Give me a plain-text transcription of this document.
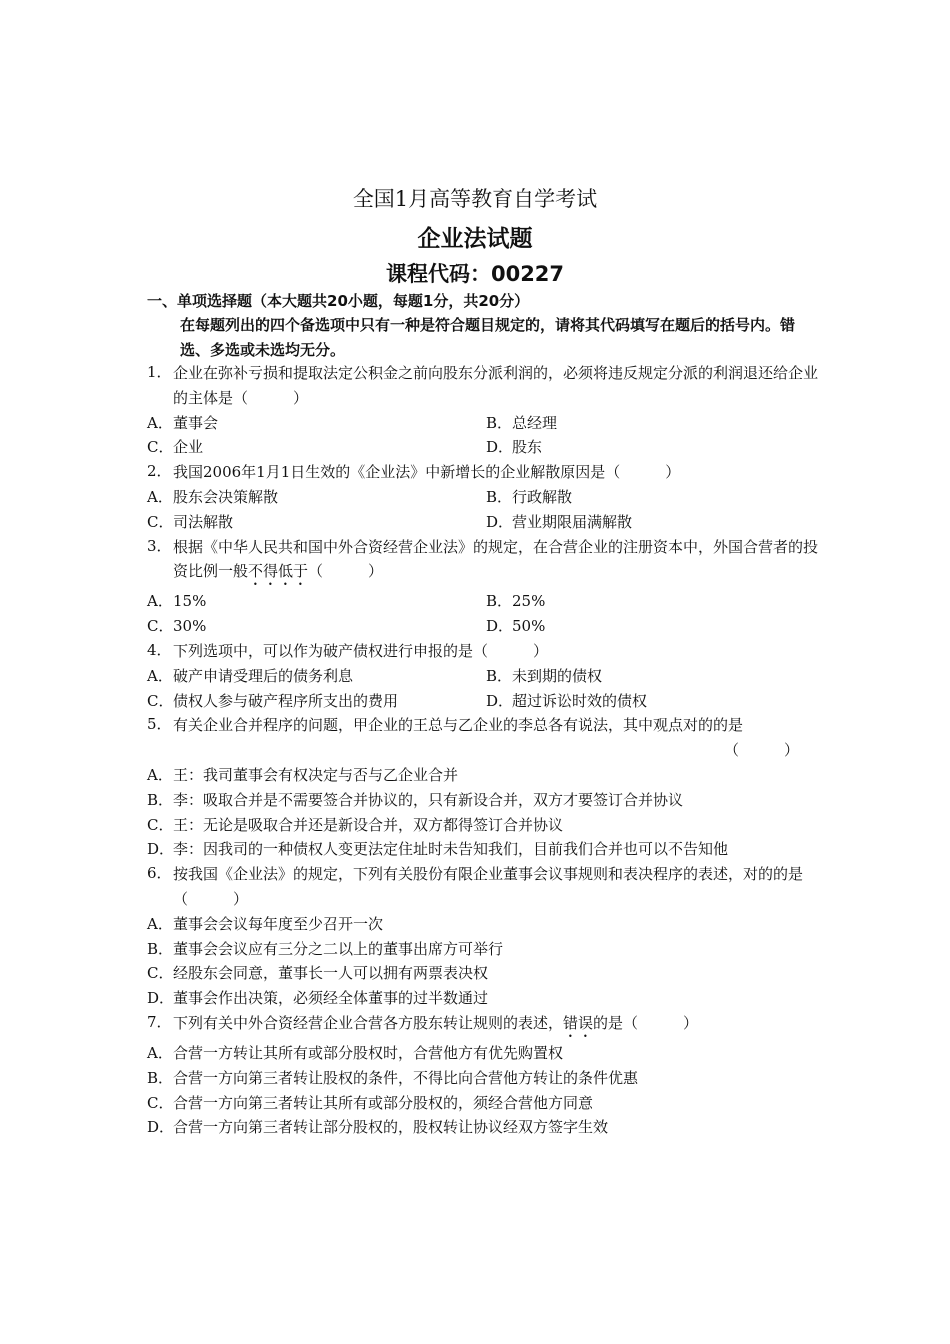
全国1月高等教育自学考试
企业法试题
课程代码：00227
一、单项选择题（本大题共20小题，每题1分，共20分）
在每题列出的四个备选项中只有一种是符合题目规定的，请将其代码填写在题后的括号内。错选、多选或未选均无分。
1． 企业在弥补亏损和提取法定公积金之前向股东分派利润的，必须将违反规定分派的利润退还给企业的主体是（　　　）
A．董事会	B．总经理
C．企业	D．股东
2． 我国2006年1月1日生效的《企业法》中新增长的企业解散原因是（　　　）
A．股东会决策解散	B．行政解散
C．司法解散	D．营业期限届满解散
3． 根据《中华人民共和国中外合资经营企业法》的规定，在合营企业的注册资本中，外国合营者的投资比例一般不得低于（　　　）
A．15%	B．25%
C．30%	D．50%
4． 下列选项中，可以作为破产债权进行申报的是（　　　）
A．破产申请受理后的债务利息	B．未到期的债权
C．债权人参与破产程序所支出的费用	D．超过诉讼时效的债权
5． 有关企业合并程序的问题，甲企业的王总与乙企业的李总各有说法，其中观点对的的是
（　　　）
A．王：我司董事会有权决定与否与乙企业合并
B．李：吸取合并是不需要签合并协议的，只有新设合并，双方才要签订合并协议
C．王：无论是吸取合并还是新设合并，双方都得签订合并协议
D．李：因我司的一种债权人变更法定住址时未告知我们，目前我们合并也可以不告知他
6． 按我国《企业法》的规定，下列有关股份有限企业董事会议事规则和表决程序的表述，对的的是（　　　）
A．董事会会议每年度至少召开一次
B．董事会会议应有三分之二以上的董事出席方可举行
C．经股东会同意，董事长一人可以拥有两票表决权
D．董事会作出决策，必须经全体董事的过半数通过
7． 下列有关中外合资经营企业合营各方股东转让规则的表述，错误的是（　　　）
A．合营一方转让其所有或部分股权时，合营他方有优先购置权
B．合营一方向第三者转让股权的条件，不得比向合营他方转让的条件优惠
C．合营一方向第三者转让其所有或部分股权的，须经合营他方同意
D．合营一方向第三者转让部分股权的，股权转让协议经双方签字生效
